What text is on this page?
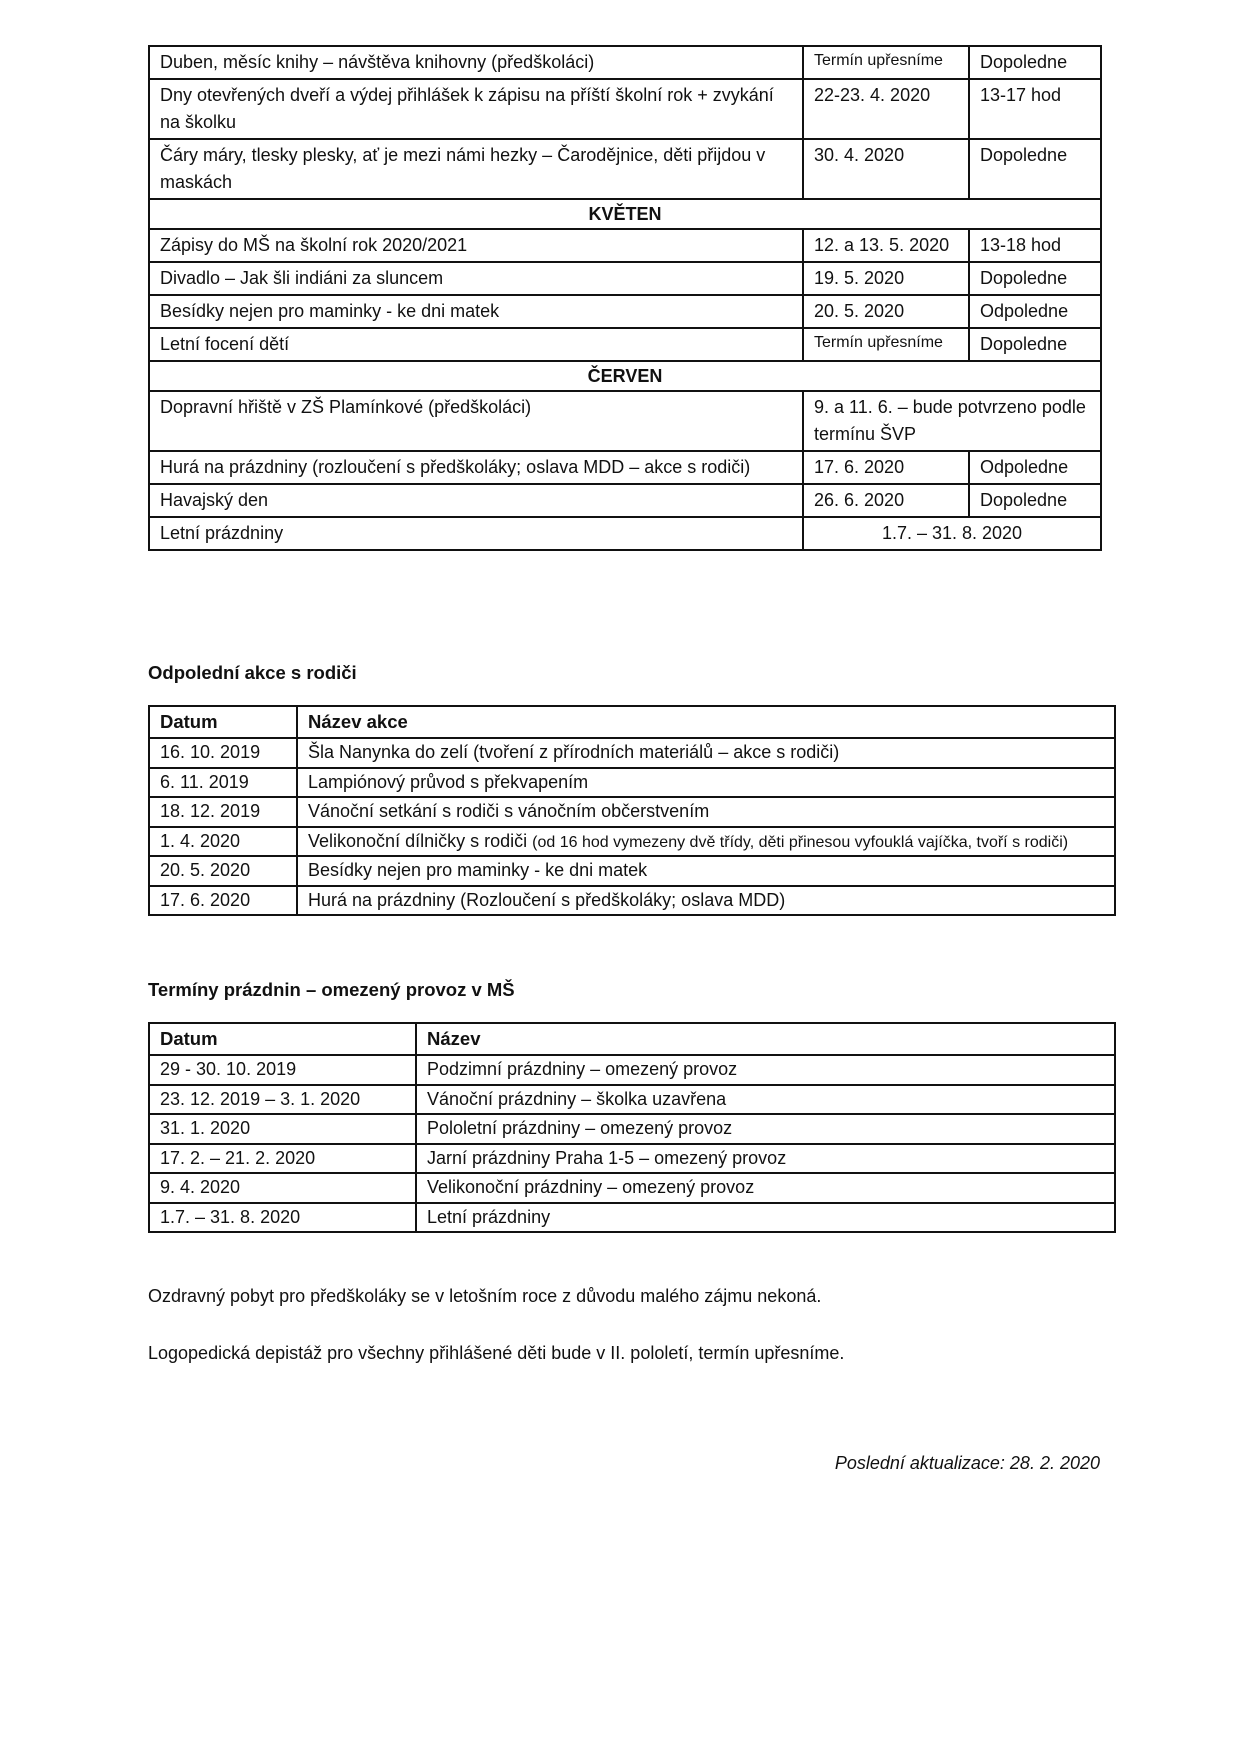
Duben, měsíc knihy – návštěva knihovny (předškoláci)	Termín upřesníme	Dopoledne
Dny otevřených dveří a výdej přihlášek k zápisu na příští školní rok + zvykání na školku	22-23. 4. 2020	13-17 hod
Čáry máry, tlesky plesky, ať je mezi námi hezky – Čarodějnice, děti přijdou v maskách	30. 4. 2020	Dopoledne
KVĚTEN		
Zápisy do MŠ na školní rok 2020/2021	12. a 13. 5. 2020	13-18 hod
Divadlo – Jak šli indiáni za sluncem	19. 5. 2020	Dopoledne
Besídky nejen pro maminky - ke dni matek	20. 5. 2020	Odpoledne
Letní focení dětí	Termín upřesníme	Dopoledne
ČERVEN		
Dopravní hřiště v ZŠ Plamínkové (předškoláci)	9. a 11. 6. – bude potvrzeno podle termínu ŠVP	
Hurá na prázdniny (rozloučení s předškoláky; oslava MDD – akce s rodiči)	17. 6. 2020	Odpoledne
Havajský den	26. 6. 2020	Dopoledne
Letní prázdniny	1.7. – 31. 8. 2020	
Odpolední akce s rodiči
Datum	Název akce
16. 10. 2019	Šla Nanynka do zelí (tvoření z přírodních materiálů – akce s rodiči)
6. 11. 2019	Lampiónový průvod s překvapením
18. 12. 2019	Vánoční setkání s rodiči s vánočním občerstvením
1. 4. 2020	Velikonoční dílničky s rodiči (od 16 hod vymezeny dvě třídy, děti přinesou vyfouklá vajíčka, tvoří s rodiči)
20. 5. 2020	Besídky nejen pro maminky - ke dni matek
17. 6. 2020	Hurá na prázdniny (Rozloučení s předškoláky; oslava MDD)
Termíny prázdnin – omezený provoz v MŠ
Datum	Název
29 - 30. 10. 2019	Podzimní prázdniny – omezený provoz
23. 12. 2019 – 3. 1. 2020	Vánoční prázdniny – školka uzavřena
31. 1. 2020	Pololetní prázdniny – omezený provoz
17. 2. – 21. 2. 2020	Jarní prázdniny Praha 1-5 – omezený provoz
9. 4. 2020	Velikonoční prázdniny – omezený provoz
1.7. – 31. 8. 2020	Letní prázdniny

Ozdravný pobyt pro předškoláky se v letošním roce z důvodu malého zájmu nekoná.

Logopedická depistáž pro všechny přihlášené děti bude v II. pololetí, termín upřesníme.

Poslední aktualizace: 28. 2. 2020
